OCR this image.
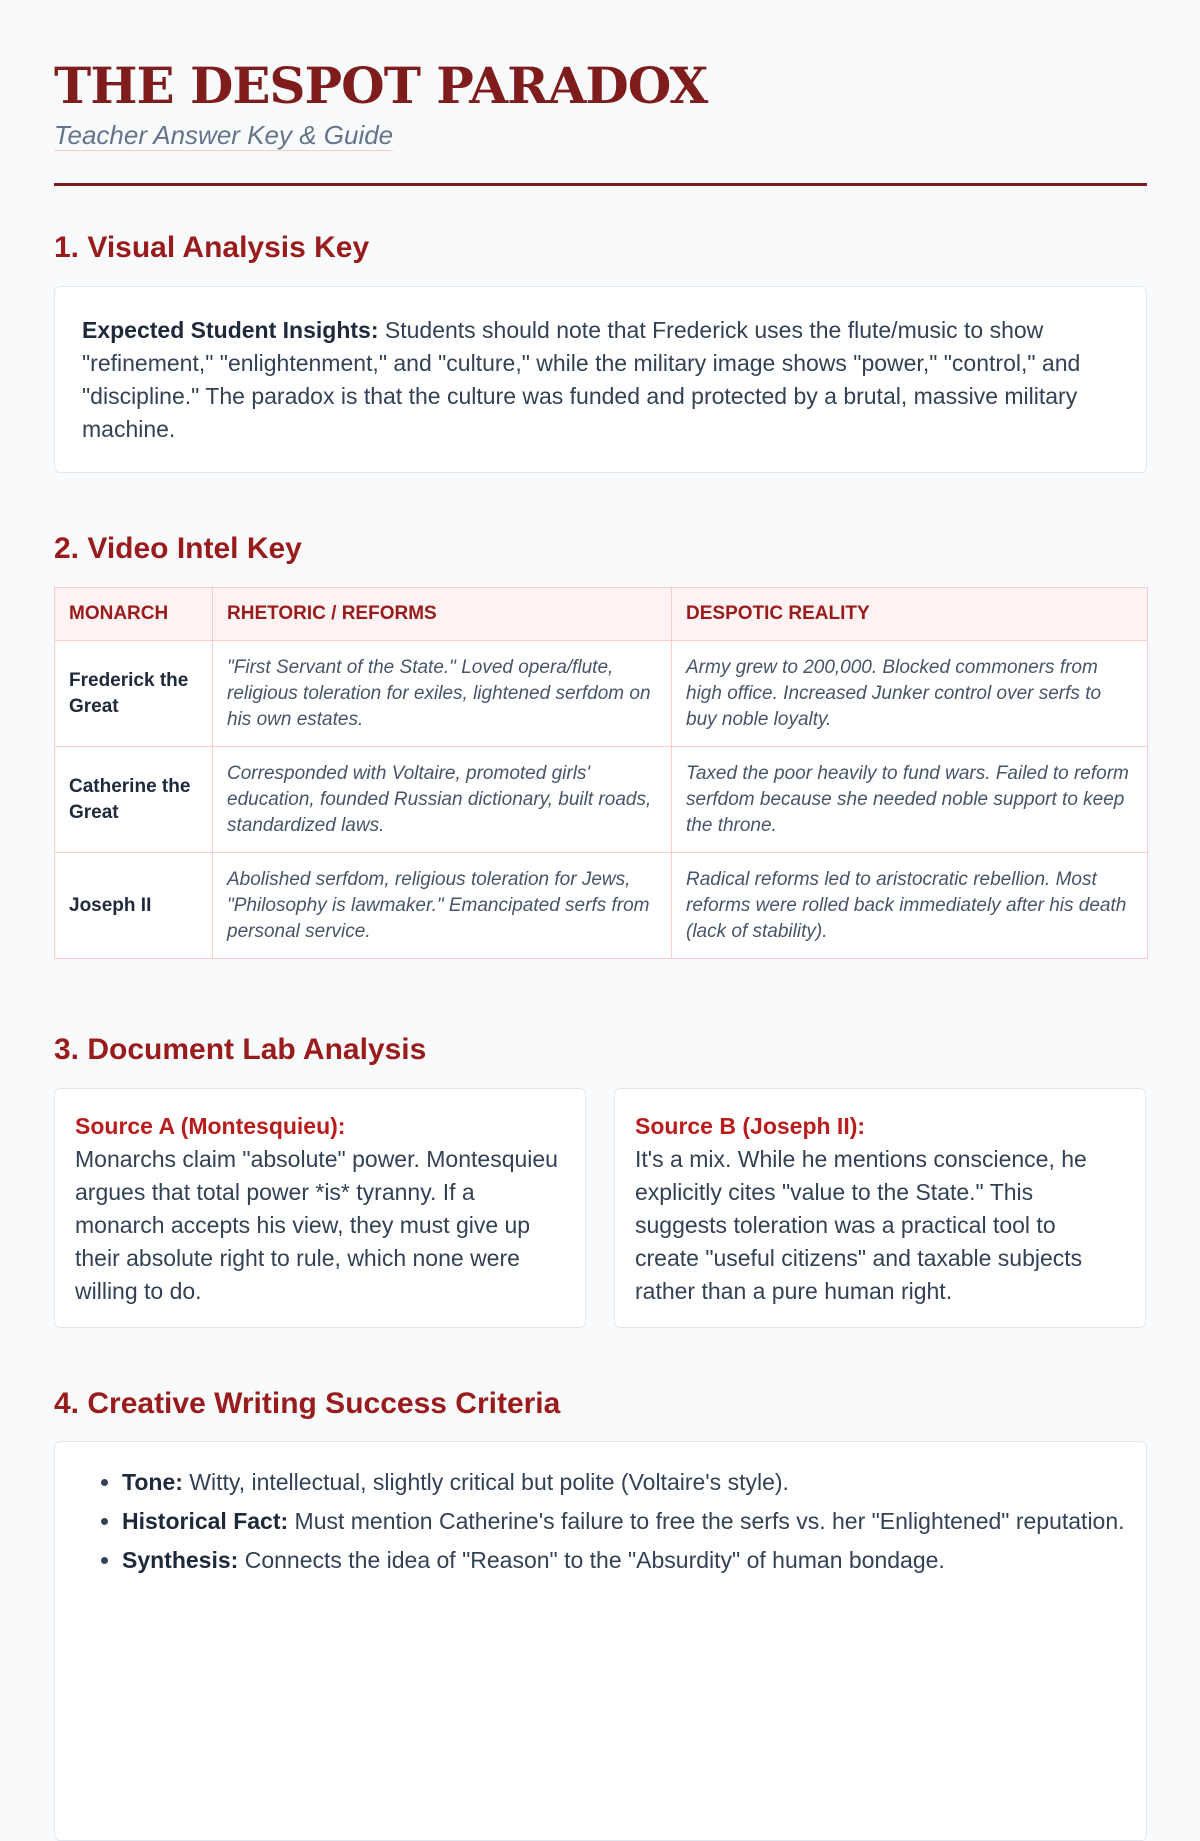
THE DESPOT PARADOX
Teacher Answer Key & Guide
1. Visual Analysis Key
Expected Student Insights: Students should note that Frederick uses the flute/music to show "refinement," "enlightenment," and "culture," while the military image shows "power," "control," and "discipline." The paradox is that the culture was funded and protected by a brutal, massive military machine.
2. Video Intel Key
MONARCH	RHETORIC / REFORMS	DESPOTIC REALITY
Frederick the Great	"First Servant of the State." Loved opera/flute, religious toleration for exiles, lightened serfdom on his own estates.	Army grew to 200,000. Blocked commoners from high office. Increased Junker control over serfs to buy noble loyalty.
Catherine the Great	Corresponded with Voltaire, promoted girls' education, founded Russian dictionary, built roads, standardized laws.	Taxed the poor heavily to fund wars. Failed to reform serfdom because she needed noble support to keep the throne.
Joseph II	Abolished serfdom, religious toleration for Jews, "Philosophy is lawmaker." Emancipated serfs from personal service.	Radical reforms led to aristocratic rebellion. Most reforms were rolled back immediately after his death (lack of stability).
3. Document Lab Analysis
Source A (Montesquieu):
Monarchs claim "absolute" power. Montesquieu argues that total power *is* tyranny. If a monarch accepts his view, they must give up their absolute right to rule, which none were willing to do.
Source B (Joseph II):
It's a mix. While he mentions conscience, he explicitly cites "value to the State." This suggests toleration was a practical tool to create "useful citizens" and taxable subjects rather than a pure human right.
4. Creative Writing Success Criteria
• Tone: Witty, intellectual, slightly critical but polite (Voltaire's style).
• Historical Fact: Must mention Catherine's failure to free the serfs vs. her "Enlightened" reputation.
• Synthesis: Connects the idea of "Reason" to the "Absurdity" of human bondage.
